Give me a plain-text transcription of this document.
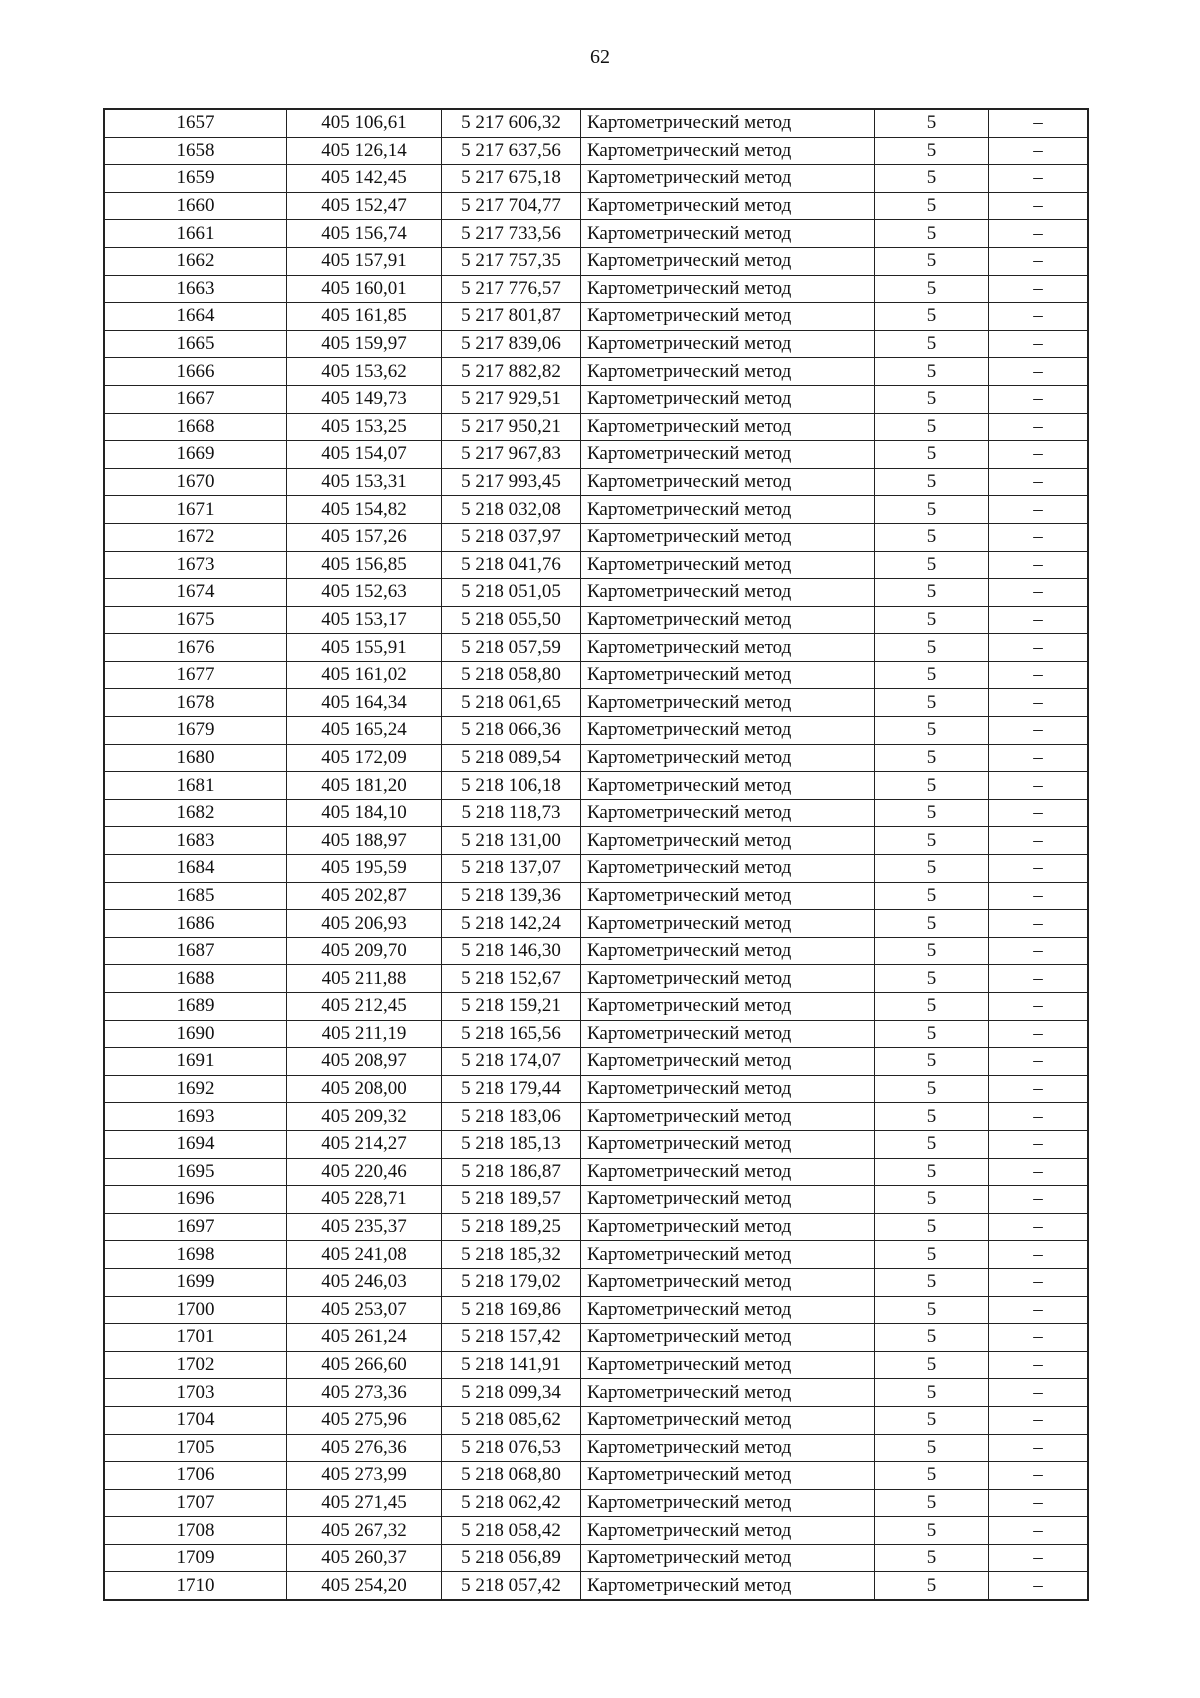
62
1657	405 106,61	5 217 606,32	Картометрический метод	5	–
1658	405 126,14	5 217 637,56	Картометрический метод	5	–
1659	405 142,45	5 217 675,18	Картометрический метод	5	–
1660	405 152,47	5 217 704,77	Картометрический метод	5	–
1661	405 156,74	5 217 733,56	Картометрический метод	5	–
1662	405 157,91	5 217 757,35	Картометрический метод	5	–
1663	405 160,01	5 217 776,57	Картометрический метод	5	–
1664	405 161,85	5 217 801,87	Картометрический метод	5	–
1665	405 159,97	5 217 839,06	Картометрический метод	5	–
1666	405 153,62	5 217 882,82	Картометрический метод	5	–
1667	405 149,73	5 217 929,51	Картометрический метод	5	–
1668	405 153,25	5 217 950,21	Картометрический метод	5	–
1669	405 154,07	5 217 967,83	Картометрический метод	5	–
1670	405 153,31	5 217 993,45	Картометрический метод	5	–
1671	405 154,82	5 218 032,08	Картометрический метод	5	–
1672	405 157,26	5 218 037,97	Картометрический метод	5	–
1673	405 156,85	5 218 041,76	Картометрический метод	5	–
1674	405 152,63	5 218 051,05	Картометрический метод	5	–
1675	405 153,17	5 218 055,50	Картометрический метод	5	–
1676	405 155,91	5 218 057,59	Картометрический метод	5	–
1677	405 161,02	5 218 058,80	Картометрический метод	5	–
1678	405 164,34	5 218 061,65	Картометрический метод	5	–
1679	405 165,24	5 218 066,36	Картометрический метод	5	–
1680	405 172,09	5 218 089,54	Картометрический метод	5	–
1681	405 181,20	5 218 106,18	Картометрический метод	5	–
1682	405 184,10	5 218 118,73	Картометрический метод	5	–
1683	405 188,97	5 218 131,00	Картометрический метод	5	–
1684	405 195,59	5 218 137,07	Картометрический метод	5	–
1685	405 202,87	5 218 139,36	Картометрический метод	5	–
1686	405 206,93	5 218 142,24	Картометрический метод	5	–
1687	405 209,70	5 218 146,30	Картометрический метод	5	–
1688	405 211,88	5 218 152,67	Картометрический метод	5	–
1689	405 212,45	5 218 159,21	Картометрический метод	5	–
1690	405 211,19	5 218 165,56	Картометрический метод	5	–
1691	405 208,97	5 218 174,07	Картометрический метод	5	–
1692	405 208,00	5 218 179,44	Картометрический метод	5	–
1693	405 209,32	5 218 183,06	Картометрический метод	5	–
1694	405 214,27	5 218 185,13	Картометрический метод	5	–
1695	405 220,46	5 218 186,87	Картометрический метод	5	–
1696	405 228,71	5 218 189,57	Картометрический метод	5	–
1697	405 235,37	5 218 189,25	Картометрический метод	5	–
1698	405 241,08	5 218 185,32	Картометрический метод	5	–
1699	405 246,03	5 218 179,02	Картометрический метод	5	–
1700	405 253,07	5 218 169,86	Картометрический метод	5	–
1701	405 261,24	5 218 157,42	Картометрический метод	5	–
1702	405 266,60	5 218 141,91	Картометрический метод	5	–
1703	405 273,36	5 218 099,34	Картометрический метод	5	–
1704	405 275,96	5 218 085,62	Картометрический метод	5	–
1705	405 276,36	5 218 076,53	Картометрический метод	5	–
1706	405 273,99	5 218 068,80	Картометрический метод	5	–
1707	405 271,45	5 218 062,42	Картометрический метод	5	–
1708	405 267,32	5 218 058,42	Картометрический метод	5	–
1709	405 260,37	5 218 056,89	Картометрический метод	5	–
1710	405 254,20	5 218 057,42	Картометрический метод	5	–
